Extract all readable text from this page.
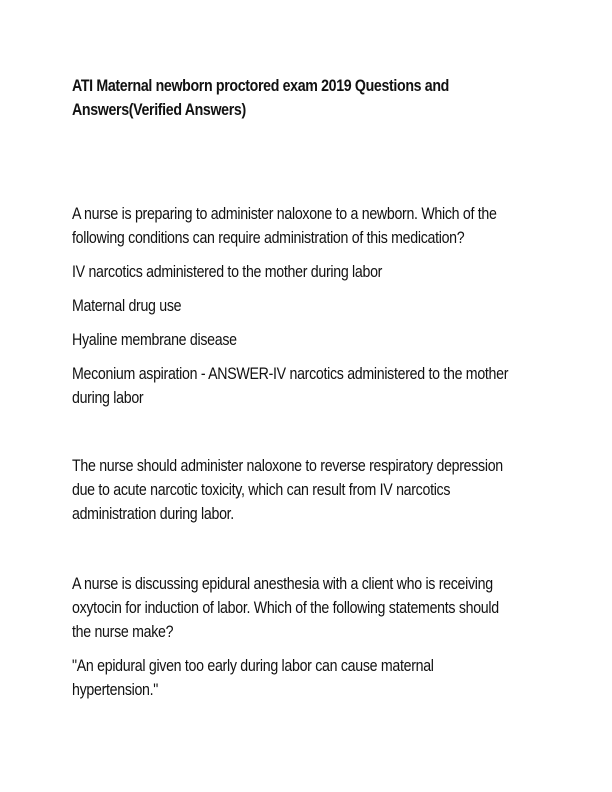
ATI Maternal newborn proctored exam 2019 Questions and
Answers(Verified Answers)

A nurse is preparing to administer naloxone to a newborn. Which of the
following conditions can require administration of this medication?

IV narcotics administered to the mother during labor

Maternal drug use

Hyaline membrane disease

Meconium aspiration - ANSWER-IV narcotics administered to the mother
during labor

The nurse should administer naloxone to reverse respiratory depression
due to acute narcotic toxicity, which can result from IV narcotics
administration during labor.

A nurse is discussing epidural anesthesia with a client who is receiving
oxytocin for induction of labor. Which of the following statements should
the nurse make?

"An epidural given too early during labor can cause maternal
hypertension."
